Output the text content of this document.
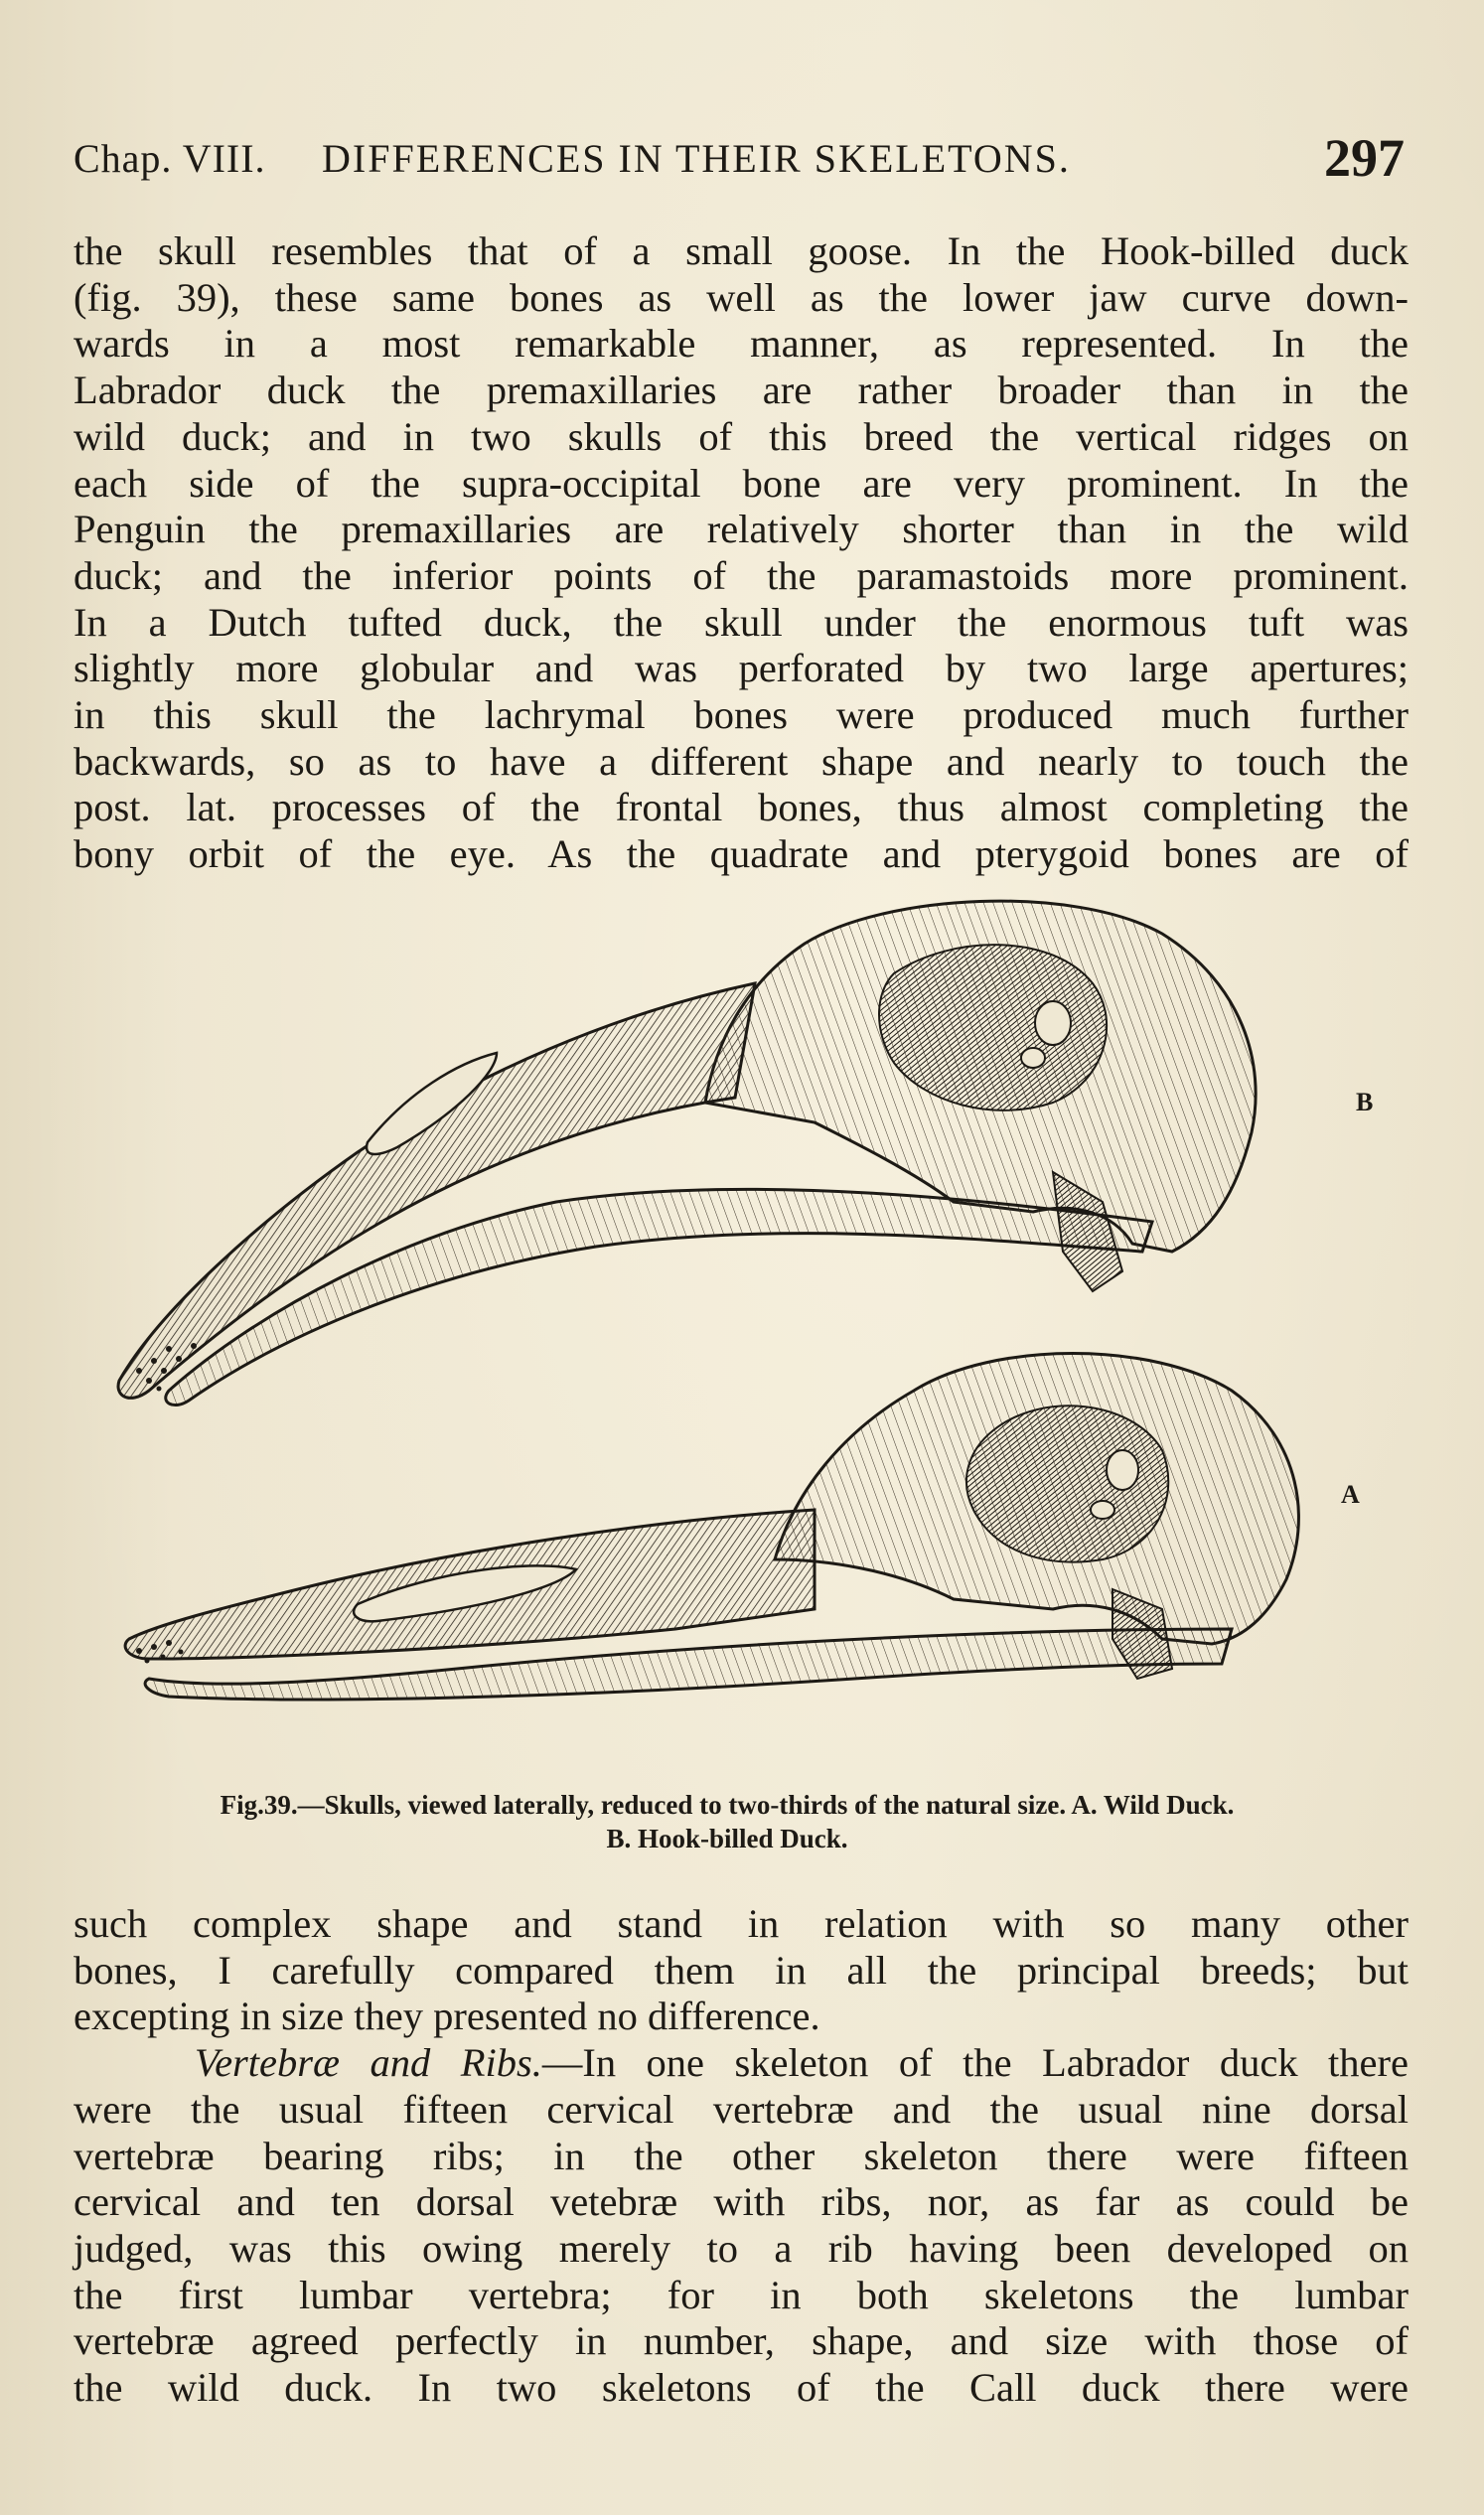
Chap. VIII. DIFFERENCES IN THEIR SKELETONS.	297
the skull resembles that of a small goose. In the Hook-billed duck
(fig. 39), these same bones as well as the lower jaw curve down-
wards in a most remarkable manner, as represented. In the
Labrador duck the premaxillaries are rather broader than in the
wild duck; and in two skulls of this breed the vertical ridges on
each side of the supra-occipital bone are very prominent. In the
Penguin the premaxillaries are relatively shorter than in the wild
duck; and the inferior points of the paramastoids more prominent.
In a Dutch tufted duck, the skull under the enormous tuft was
slightly more globular and was perforated by two large apertures;
in this skull the lachrymal bones were produced much further
backwards, so as to have a different shape and nearly to touch the
post. lat. processes of the frontal bones, thus almost completing the
bony orbit of the eye. As the quadrate and pterygoid bones are of
B
A
Fig.39.—Skulls, viewed laterally, reduced to two-thirds of the natural size. A. Wild Duck.
B. Hook-billed Duck.
such complex shape and stand in relation with so many other
bones, I carefully compared them in all the principal breeds; but
excepting in size they presented no difference.
Vertebræ and Ribs.—In one skeleton of the Labrador duck there
were the usual fifteen cervical vertebræ and the usual nine dorsal
vertebræ bearing ribs; in the other skeleton there were fifteen
cervical and ten dorsal vetebræ with ribs, nor, as far as could be
judged, was this owing merely to a rib having been developed on
the first lumbar vertebra; for in both skeletons the lumbar
vertebræ agreed perfectly in number, shape, and size with those of
the wild duck. In two skeletons of the Call duck there were
